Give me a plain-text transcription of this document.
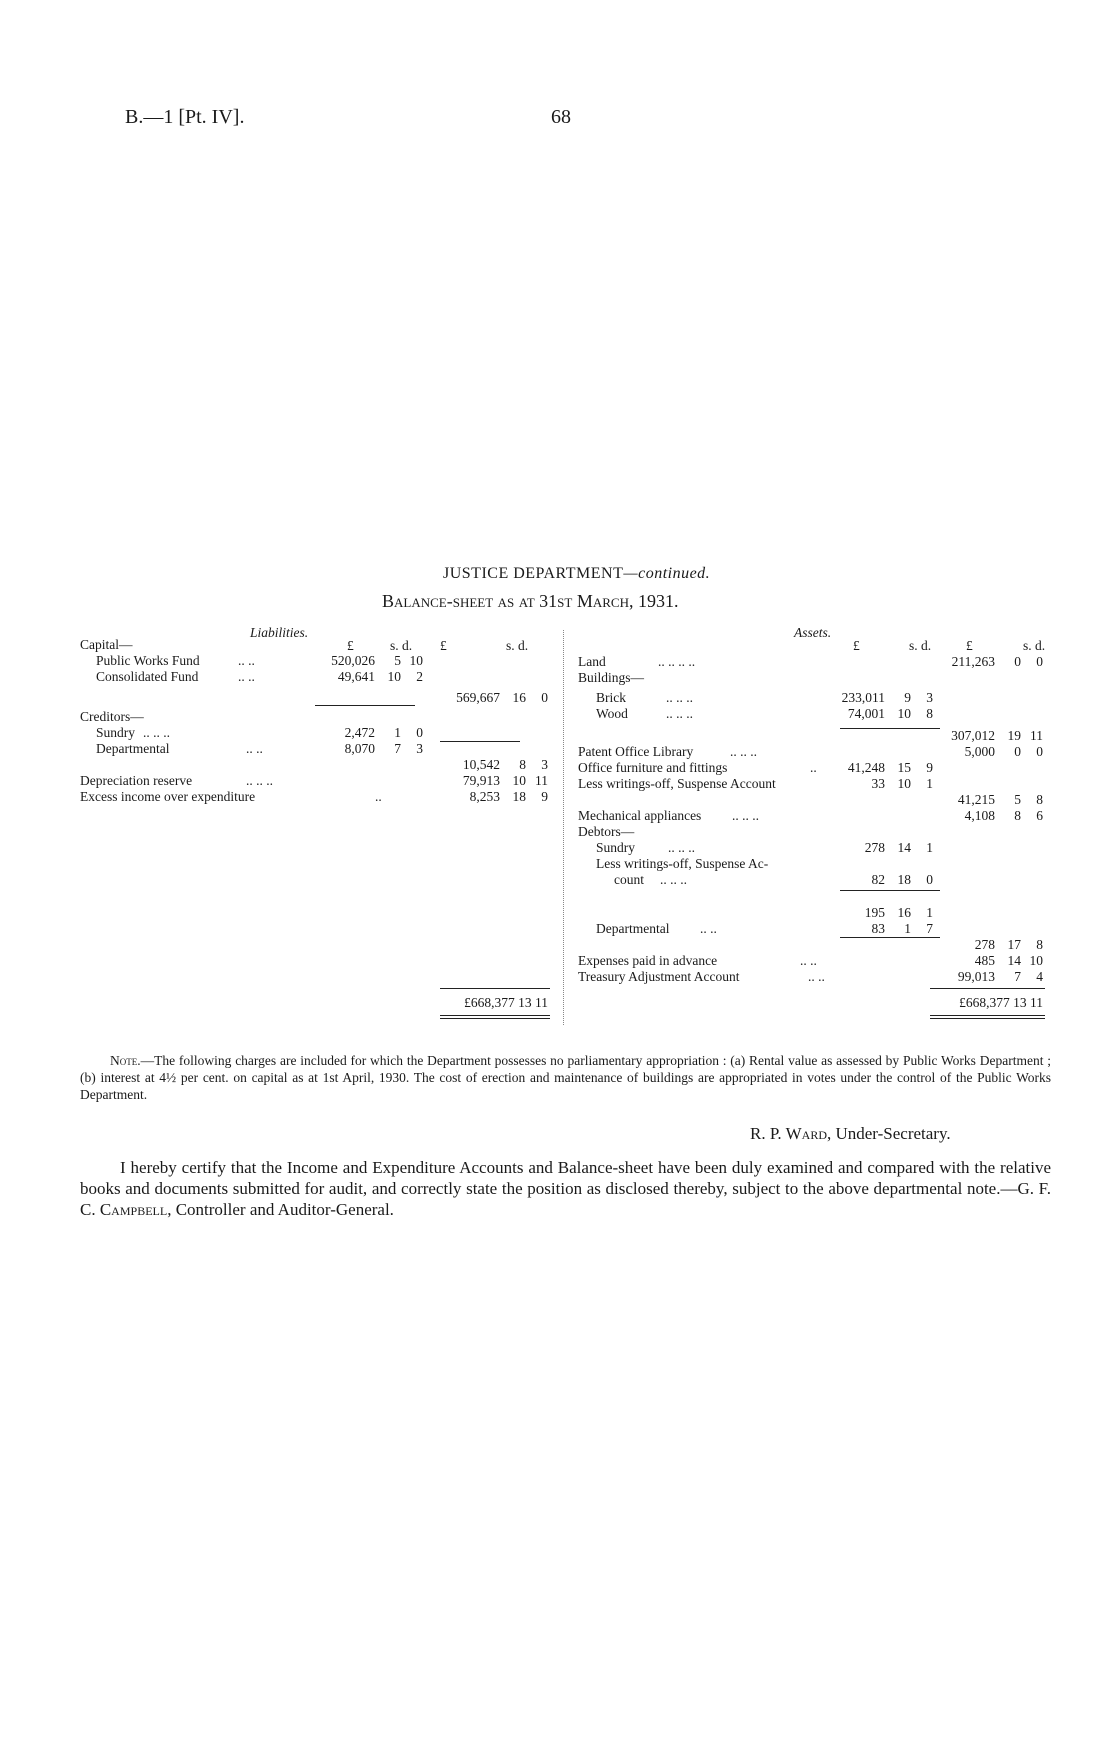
B.—1 [Pt. IV].	68
JUSTICE DEPARTMENT—continued.
Balance-sheet as at 31st March, 1931.
Liabilities.
£	s. d. £	s. d.
Capital—
Public Works Fund	.. ..	520,026	5 10
Consolidated Fund	.. ..	49,641 10	2
569,667 16	0
Creditors—
Sundry .. .. ..	2,472	1	0
Departmental	.. ..	8,070	7	3
10,542	8	3
Depreciation reserve	.. .. ..	79,913 10 11
Excess income over expenditure	..	8,253 18	9
£668,377 13 11
Assets.
£	s. d.	£	s. d.
Land	.. .. .. ..	211,263	0	0
Buildings—
Brick	.. .. ..	233,011	9	3
Wood	.. .. ..	74,001 10	8
307,012 19 11
Patent Office Library	.. .. ..	5,000	0	0
Office furniture and fittings	..	41,248 15	9
Less writings-off, Suspense Account	33 10	1
41,215	5	8
Mechanical appliances .. .. ..	4,108	8	6
Debtors—
Sundry .. .. ..	278 14	1
Less writings-off, Suspense Ac-
count .. .. ..	82 18	0
195 16	1
Departmental .. ..	83	1	7
278 17	8
Expenses paid in advance	.. ..	485 14 10
Treasury Adjustment Account	.. ..	99,013	7	4
£668,377 13 11
Note.—The following charges are included for which the Department possesses no parliamentary appropriation : (a) Rental value as assessed by Public Works Department ; (b) interest at 4½ per cent. on capital as at 1st April, 1930. The cost of erection and maintenance of buildings are appropriated in votes under the control of the Public Works Department.
R. P. Ward, Under-Secretary.
I hereby certify that the Income and Expenditure Accounts and Balance-sheet have been duly examined and compared with the relative books and documents submitted for audit, and correctly state the position as disclosed thereby, subject to the above departmental note.—G. F. C. Campbell, Controller and Auditor-General.
